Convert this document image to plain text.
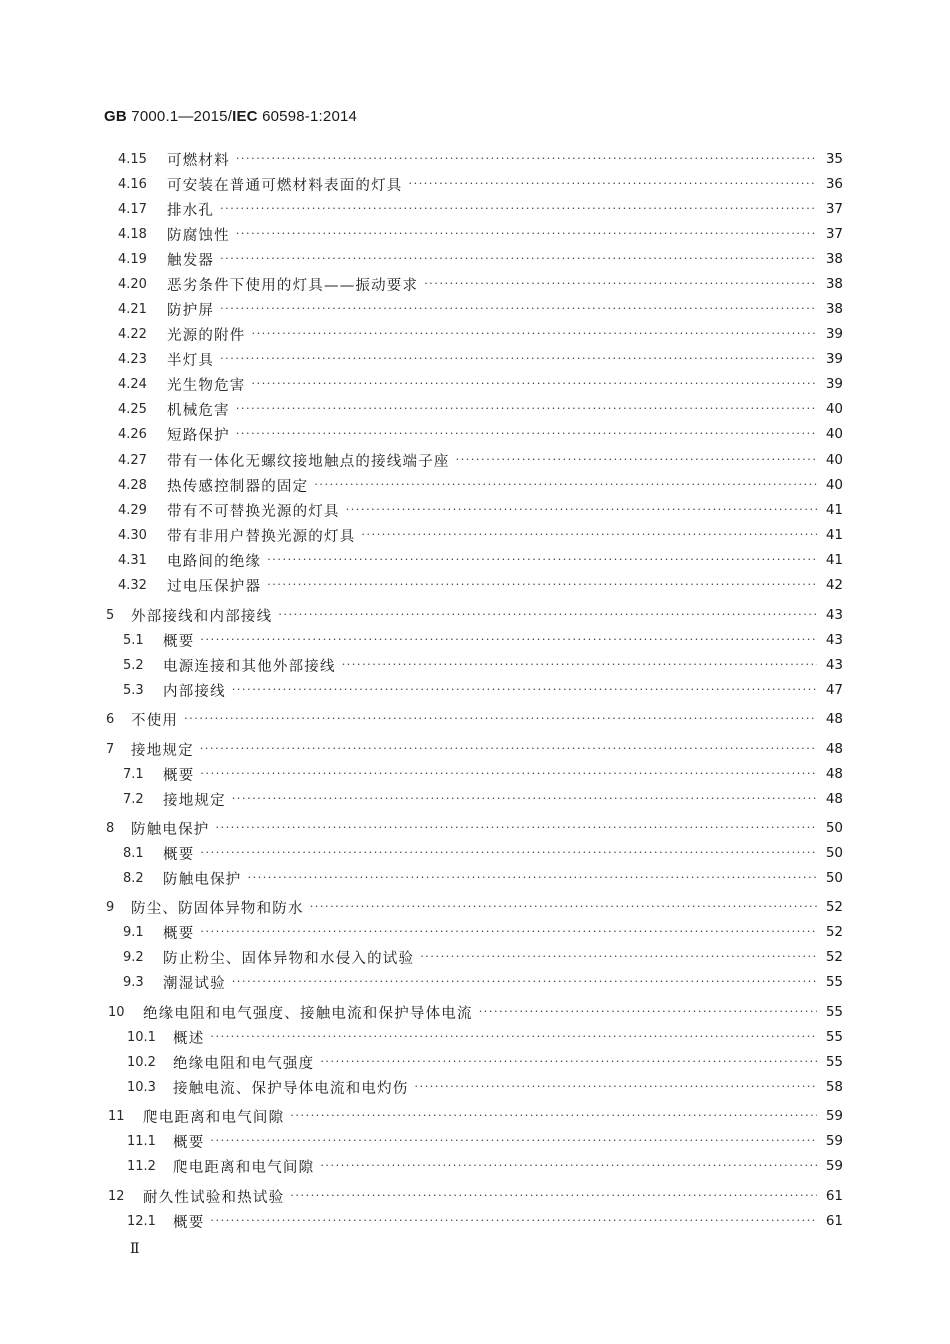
GB 7000.1—2015/IEC 60598-1:2014
4.15	可燃材料 ·····	35
4.16	可安装在普通可燃材料表面的灯具 ·····	36
4.17	排水孔 ·····	37
4.18	防腐蚀性 ·····	37
4.19	触发器 ·····	38
4.20	恶劣条件下使用的灯具——振动要求 ·····	38
4.21	防护屏 ·····	38
4.22	光源的附件 ·····	39
4.23	半灯具 ·····	39
4.24	光生物危害 ·····	39
4.25	机械危害 ·····	40
4.26	短路保护 ·····	40
4.27	带有一体化无螺纹接地触点的接线端子座 ·····	40
4.28	热传感控制器的固定 ·····	40
4.29	带有不可替换光源的灯具 ·····	41
4.30	带有非用户替换光源的灯具 ·····	41
4.31	电路间的绝缘 ·····	41
4.32	过电压保护器 ·····	42
5	外部接线和内部接线 ·····	43
5.1	概要 ·····	43
5.2	电源连接和其他外部接线 ·····	43
5.3	内部接线 ·····	47
6	不使用 ·····	48
7	接地规定 ·····	48
7.1	概要 ·····	48
7.2	接地规定 ·····	48
8	防触电保护 ·····	50
8.1	概要 ·····	50
8.2	防触电保护 ·····	50
9	防尘、防固体异物和防水 ·····	52
9.1	概要 ·····	52
9.2	防止粉尘、固体异物和水侵入的试验 ·····	52
9.3	潮湿试验 ·····	55
10	绝缘电阻和电气强度、接触电流和保护导体电流 ·····	55
10.1	概述 ·····	55
10.2	绝缘电阻和电气强度 ·····	55
10.3	接触电流、保护导体电流和电灼伤 ·····	58
11	爬电距离和电气间隙 ·····	59
11.1	概要 ·····	59
11.2	爬电距离和电气间隙 ·····	59
12	耐久性试验和热试验 ·····	61
12.1	概要 ·····	61
Ⅱ
